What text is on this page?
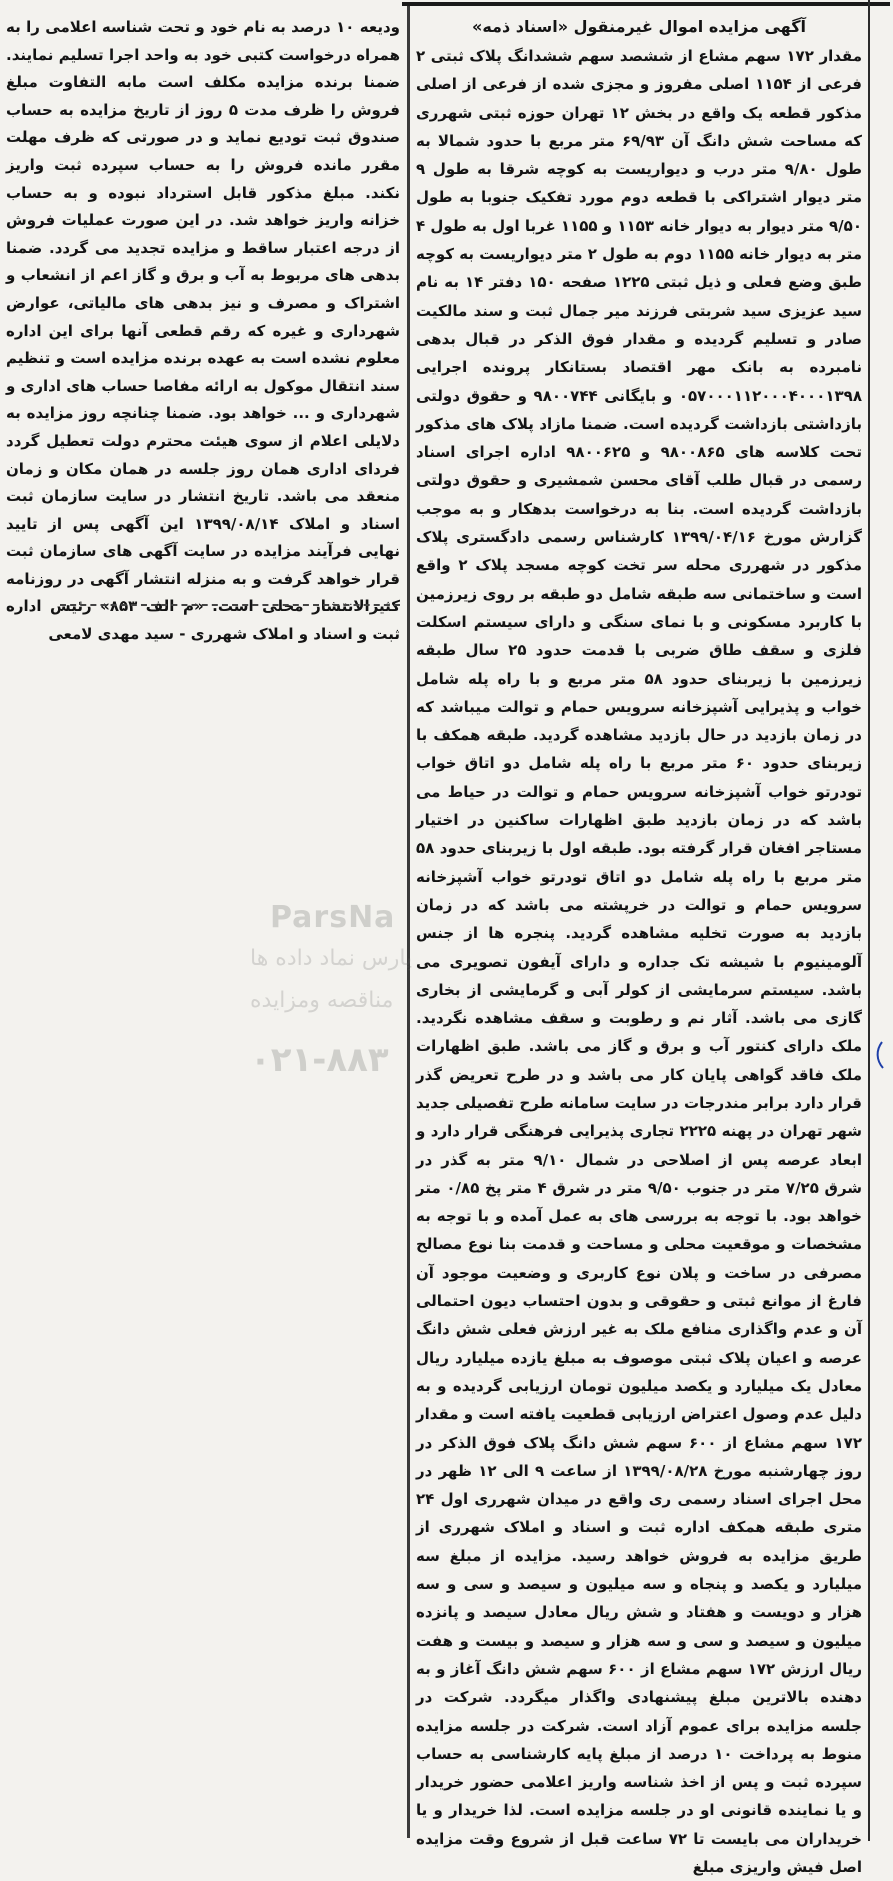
آگهی مزایده اموال غیرمنقول «اسناد ذمه»

مقدار ۱۷۲ سهم مشاع از ششصد سهم ششدانگ پلاک ثبتی ۲ فرعی از ۱۱۵۴ اصلی مفروز و مجزی شده از فرعی از اصلی مذکور قطعه یک واقع در بخش ۱۲ تهران حوزه ثبتی شهرری که مساحت شش دانگ آن ۶۹/۹۳ متر مربع با حدود شمالا به طول ۹/۸۰ متر درب و دیواریست به کوچه شرقا به طول ۹ متر دیوار اشتراکی با قطعه دوم مورد تفکیک جنوبا به طول ۹/۵۰ متر دیوار به دیوار خانه ۱۱۵۳ و ۱۱۵۵ غربا اول به طول ۴ متر به دیوار خانه ۱۱۵۵ دوم به طول ۲ متر دیواریست به کوچه طبق وضع فعلی و ذیل ثبتی ۱۲۲۵ صفحه ۱۵۰ دفتر ۱۴ به نام سید عزیزی سید شربتی فرزند میر جمال ثبت و سند مالکیت صادر و تسلیم گردیده و مقدار فوق الذکر در قبال بدهی نامبرده به بانک مهر اقتصاد بستانکار پرونده اجرایی ۰۵۷۰۰۰۱۱۲۰۰۰۴۰۰۰۱۳۹۸ و بایگانی ۹۸۰۰۷۴۴ و حقوق دولتی بازداشتی بازداشت گردیده است. ضمنا مازاد پلاک های مذکور تحت کلاسه های ۹۸۰۰۸۶۵ و ۹۸۰۰۶۲۵ اداره اجرای اسناد رسمی در قبال طلب آقای محسن شمشیری و حقوق دولتی بازداشت گردیده است. بنا به درخواست بدهکار و به موجب گزارش مورخ ۱۳۹۹/۰۴/۱۶ کارشناس رسمی دادگستری پلاک مذکور در شهرری محله سر تخت کوچه مسجد پلاک ۲ واقع است و ساختمانی سه طبقه شامل دو طبقه بر روی زیرزمین با کاربرد مسکونی و با نمای سنگی و دارای سیستم اسکلت فلزی و سقف طاق ضربی با قدمت حدود ۲۵ سال طبقه زیرزمین با زیربنای حدود ۵۸ متر مربع و با راه پله شامل خواب و پذیرایی آشپزخانه سرویس حمام و توالت میباشد که در زمان بازدید در حال بازدید مشاهده گردید. طبقه همکف با زیربنای حدود ۶۰ متر مربع با راه پله شامل دو اتاق خواب تودرتو خواب آشپزخانه سرویس حمام و توالت در حیاط می باشد که در زمان بازدید طبق اظهارات ساکنین در اختیار مستاجر افغان قرار گرفته بود. طبقه اول با زیربنای حدود ۵۸ متر مربع با راه پله شامل دو اتاق تودرتو خواب آشپزخانه سرویس حمام و توالت در خرپشته می باشد که در زمان بازدید به صورت تخلیه مشاهده گردید. پنجره ها از جنس آلومینیوم با شیشه تک جداره و دارای آیفون تصویری می باشد. سیستم سرمایشی از کولر آبی و گرمایشی از بخاری گازی می باشد. آثار نم و رطوبت و سقف مشاهده نگردید. ملک دارای کنتور آب و برق و گاز می باشد. طبق اظهارات ملک فاقد گواهی پایان کار می باشد و در طرح تعریض گذر قرار دارد برابر مندرجات در سایت سامانه طرح تفصیلی جدید شهر تهران در پهنه ۲۲۲۵ تجاری پذیرایی فرهنگی قرار دارد و ابعاد عرصه پس از اصلاحی در شمال ۹/۱۰ متر به گذر در شرق ۷/۲۵ متر در جنوب ۹/۵۰ متر در شرق ۴ متر پخ ۰/۸۵ متر خواهد بود. با توجه به بررسی های به عمل آمده و با توجه به مشخصات و موقعیت محلی و مساحت و قدمت بنا نوع مصالح مصرفی در ساخت و پلان نوع کاربری و وضعیت موجود آن فارغ از موانع ثبتی و حقوقی و بدون احتساب دیون احتمالی آن و عدم واگذاری منافع ملک به غیر ارزش فعلی شش دانگ عرصه و اعیان پلاک ثبتی موصوف به مبلغ یازده میلیارد ریال معادل یک میلیارد و یکصد میلیون تومان ارزیابی گردیده و به دلیل عدم وصول اعتراض ارزیابی قطعیت یافته است و مقدار ۱۷۲ سهم مشاع از ۶۰۰ سهم شش دانگ پلاک فوق الذکر در روز چهارشنبه مورخ ۱۳۹۹/۰۸/۲۸ از ساعت ۹ الی ۱۲ ظهر در محل اجرای اسناد رسمی ری واقع در میدان شهرری اول ۲۴ متری طبقه همکف اداره ثبت و اسناد و املاک شهرری از طریق مزایده به فروش خواهد رسید. مزایده از مبلغ سه میلیارد و یکصد و پنجاه و سه میلیون و سیصد و سی و سه هزار و دویست و هفتاد و شش ریال معادل سیصد و پانزده میلیون و سیصد و سی و سه هزار و سیصد و بیست و هفت ریال ارزش ۱۷۲ سهم مشاع از ۶۰۰ سهم شش دانگ آغاز و به دهنده بالاترین مبلغ پیشنهادی واگذار میگردد. شرکت در جلسه مزایده برای عموم آزاد است. شرکت در جلسه مزایده منوط به پرداخت ۱۰ درصد از مبلغ پایه کارشناسی به حساب سپرده ثبت و پس از اخذ شناسه واریز اعلامی حضور خریدار و یا نماینده قانونی او در جلسه مزایده است. لذا خریدار و یا خریداران می بایست تا ۷۲ ساعت قبل از شروع وقت مزایده اصل فیش واریزی مبلغ

ودیعه ۱۰ درصد به نام خود و تحت شناسه اعلامی را به همراه درخواست کتبی خود به واحد اجرا تسلیم نمایند. ضمنا برنده مزایده مکلف است مابه التفاوت مبلغ فروش را ظرف مدت ۵ روز از تاریخ مزایده به حساب صندوق ثبت تودیع نماید و در صورتی که ظرف مهلت مقرر مانده فروش را به حساب سپرده ثبت واریز نکند. مبلغ مذکور قابل استرداد نبوده و به حساب خزانه واریز خواهد شد. در این صورت عملیات فروش از درجه اعتبار ساقط و مزایده تجدید می گردد. ضمنا بدهی های مربوط به آب و برق و گاز اعم از انشعاب و اشتراک و مصرف و نیز بدهی های مالیاتی، عوارض شهرداری و غیره که رقم قطعی آنها برای این اداره معلوم نشده است به عهده برنده مزایده است و تنظیم سند انتقال موکول به ارائه مفاصا حساب های اداری و شهرداری و ... خواهد بود. ضمنا چنانچه روز مزایده به دلایلی اعلام از سوی هیئت محترم دولت تعطیل گردد فردای اداری همان روز جلسه در همان مکان و زمان منعقد می باشد. تاریخ انتشار در سایت سازمان ثبت اسناد و املاک ۱۳۹۹/۰۸/۱۴ این آگهی پس از تایید نهایی فرآیند مزایده در سایت آگهی های سازمان ثبت قرار خواهد گرفت و به منزله انتشار آگهی در روزنامه کثیرالانتشار محلی است. «م الف ۸۵۳» رئیس اداره ثبت و اسناد و املاک شهرری - سید مهدی لامعی

ParsNa
پارس نماد داده ها
مناقصه ومزایده
۰۲۱-۸۸۳
